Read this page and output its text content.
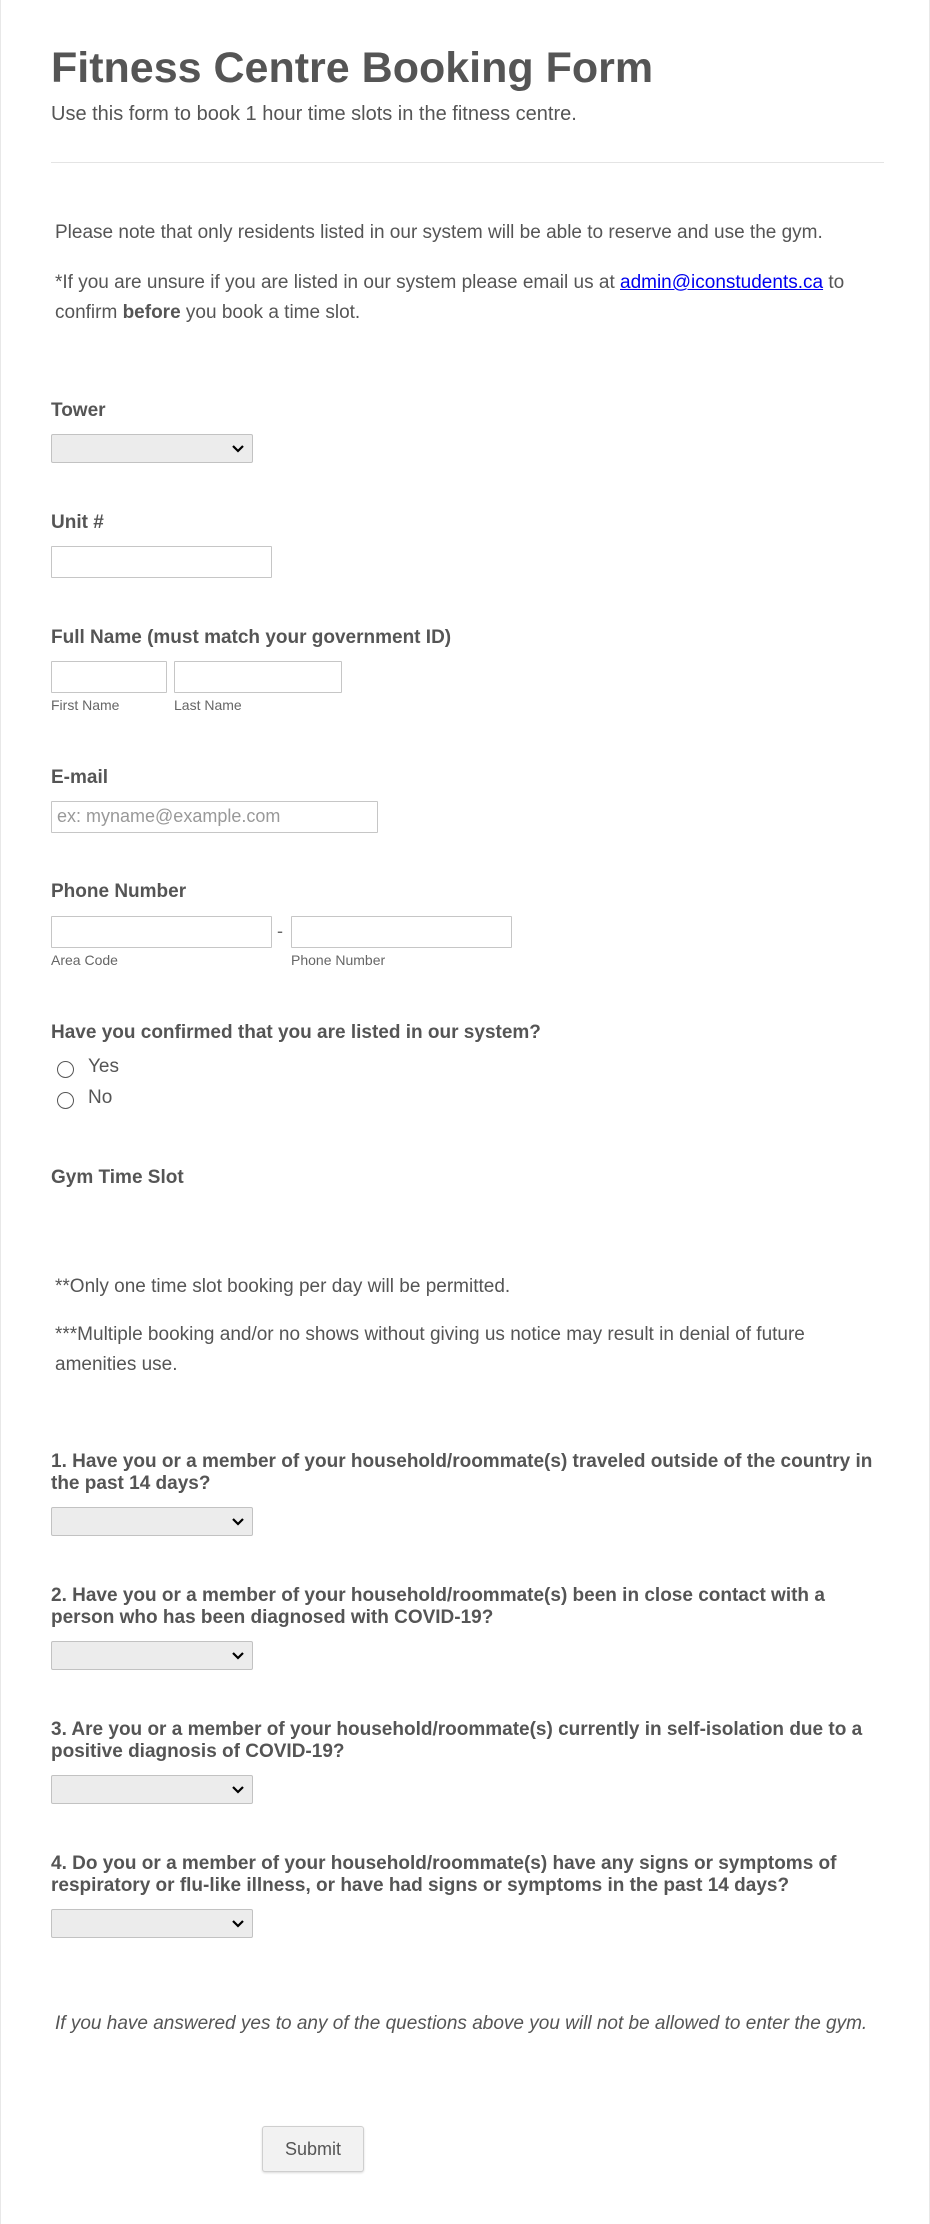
Fitness Centre Booking Form
Use this form to book 1 hour time slots in the fitness centre.
Please note that only residents listed in our system will be able to reserve and use the gym.
*If you are unsure if you are listed in our system please email us at admin@iconstudents.ca to
confirm before you book a time slot.
Tower
Unit #
Full Name (must match your government ID)
First Name	Last Name
E-mail
ex: myname@example.com
Phone Number
-
Area Code	Phone Number
Have you confirmed that you are listed in our system?
Yes
No
Gym Time Slot
**Only one time slot booking per day will be permitted.
***Multiple booking and/or no shows without giving us notice may result in denial of future
amenities use.
1. Have you or a member of your household/roommate(s) traveled outside of the country in the past 14 days?
2. Have you or a member of your household/roommate(s) been in close contact with a person who has been diagnosed with COVID-19?
3. Are you or a member of your household/roommate(s) currently in self-isolation due to a positive diagnosis of COVID-19?
4. Do you or a member of your household/roommate(s) have any signs or symptoms of respiratory or flu-like illness, or have had signs or symptoms in the past 14 days?
If you have answered yes to any of the questions above you will not be allowed to enter the gym.
Submit
